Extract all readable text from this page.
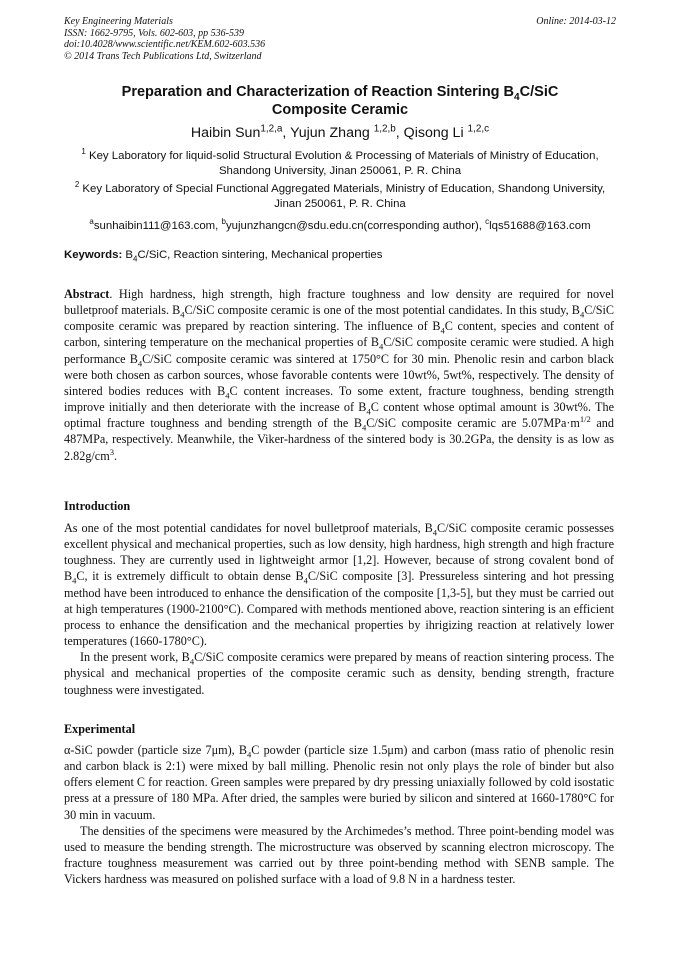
Key Engineering Materials
ISSN: 1662-9795, Vols. 602-603, pp 536-539
doi:10.4028/www.scientific.net/KEM.602-603.536
© 2014 Trans Tech Publications Ltd, Switzerland
Online: 2014-03-12
Preparation and Characterization of Reaction Sintering $B_4C$/SiC
Composite Ceramic
Haibin Sun$^{1,2,a}$, Yujun Zhang $^{1,2,b}$, Qisong Li $^{1,2,c}$
$^1$ Key Laboratory for liquid-solid Structural Evolution & Processing of Materials of Ministry of Education, Shandong University, Jinan 250061, P. R. China
$^2$ Key Laboratory of Special Functional Aggregated Materials, Ministry of Education, Shandong University, Jinan 250061, P. R. China
$^a$sunhaibin111@163.com, $^b$yujunzhangcn@sdu.edu.cn(corresponding author), $^c$lqs51688@163.com
Keywords: $B_4C$/SiC, Reaction sintering, Mechanical properties
Abstract. High hardness, high strength, high fracture toughness and low density are required for novel bulletproof materials. $B_4C$/SiC composite ceramic is one of the most potential candidates. In this study, $B_4C$/SiC composite ceramic was prepared by reaction sintering. The influence of $B_4C$ content, species and content of carbon, sintering temperature on the mechanical properties of $B_4C$/SiC composite ceramic were studied. A high performance $B_4C$/SiC composite ceramic was sintered at 1750°C for 30 min. Phenolic resin and carbon black were both chosen as carbon sources, whose favorable contents were 10wt%, 5wt%, respectively. The density of sintered bodies reduces with $B_4C$ content increases. To some extent, fracture toughness, bending strength improve initially and then deteriorate with the increase of $B_4C$ content whose optimal amount is 30wt%. The optimal fracture toughness and bending strength of the $B_4C$/SiC composite ceramic are $5.07MPa\cdot m^{1/2}$ and 487MPa, respectively. Meanwhile, the Viker-hardness of the sintered body is 30.2GPa, the density is as low as $2.82g/cm^3$.
Introduction

As one of the most potential candidates for novel bulletproof materials, $B_4C$/SiC composite ceramic possesses excellent physical and mechanical properties, such as low density, high hardness, high strength and high fracture toughness. They are currently used in lightweight armor [1,2]. However, because of strong covalent bond of $B_4C$, it is extremely difficult to obtain dense $B_4C$/SiC composite [3]. Pressureless sintering and hot pressing method have been introduced to enhance the densification of the composite [1,3-5], but they must be carried out at high temperatures (1900-2100°C). Compared with methods mentioned above, reaction sintering is an efficient process to enhance the densification and the mechanical properties by ihrigizing reaction at relatively lower temperatures (1660-1780°C).

In the present work, $B_4C$/SiC composite ceramics were prepared by means of reaction sintering process. The physical and mechanical properties of the composite ceramic such as density, bending strength, fracture toughness were investigated.

Experimental

α-SiC powder (particle size 7μm), $B_4C$ powder (particle size 1.5μm) and carbon (mass ratio of phenolic resin and carbon black is 2:1) were mixed by ball milling. Phenolic resin not only plays the role of binder but also offers element C for reaction. Green samples were prepared by dry pressing uniaxially followed by cold isostatic press at a pressure of 180 MPa. After dried, the samples were buried by silicon and sintered at 1660-1780°C for 30 min in vacuum.

The densities of the specimens were measured by the Archimedes’s method. Three point-bending model was used to measure the bending strength. The microstructure was observed by scanning electron microscopy. The fracture toughness measurement was carried out by three point-bending method with SENB sample. The Vickers hardness was measured on polished surface with a load of 9.8 N in a hardness tester.
